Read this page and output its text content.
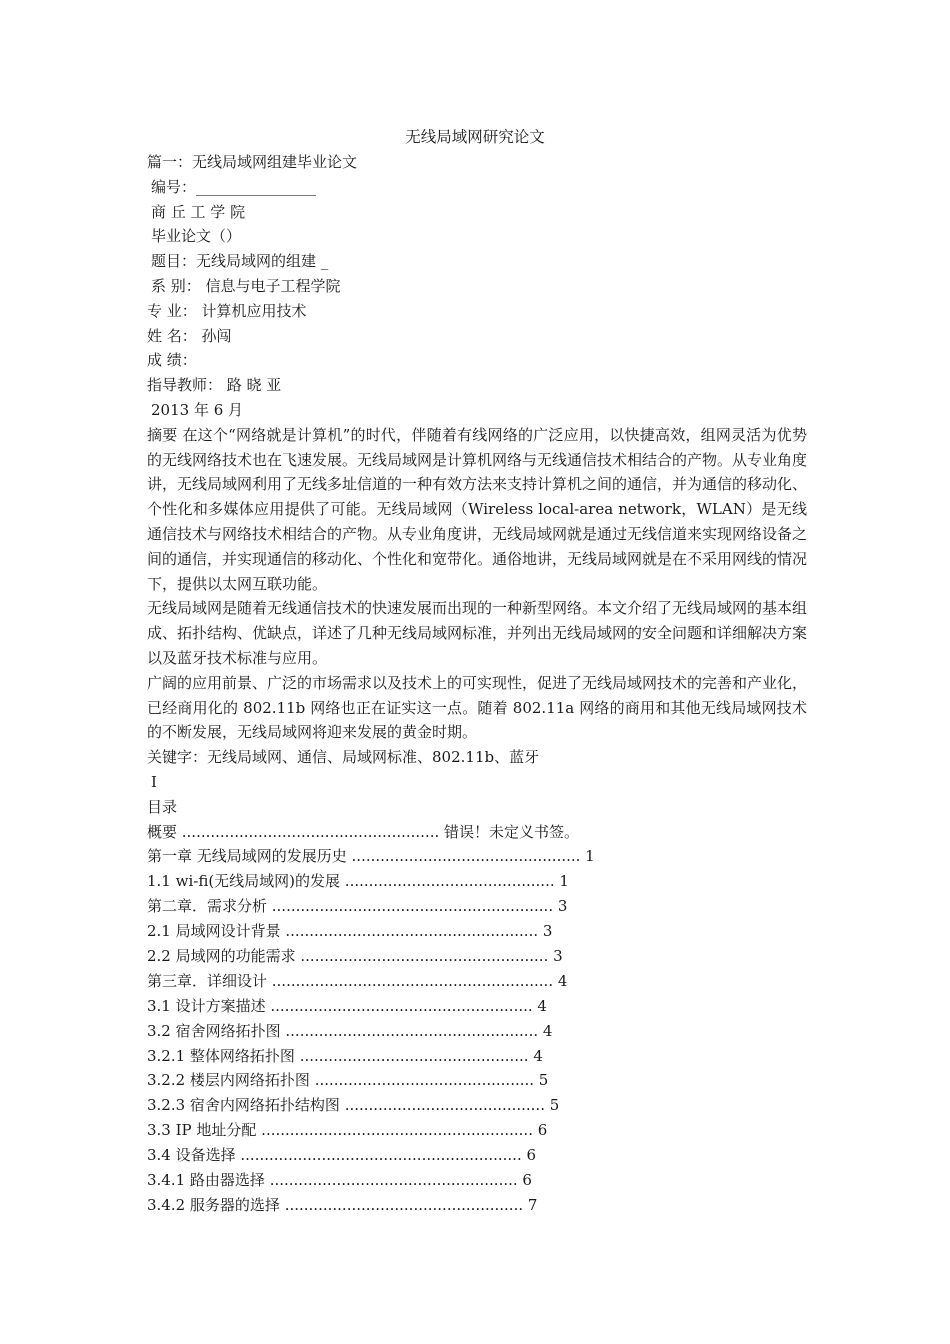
无线局域网研究论文
篇一：无线局域网组建毕业论文
编号：________________
商 丘 工 学 院
毕业论文（）
题目：无线局域网的组建 _
系 别： 信息与电子工程学院
专 业： 计算机应用技术
姓 名： 孙闯
成 绩：
指导教师： 路 晓 亚
2013 年 6 月

摘要 在这个“网络就是计算机”的时代，伴随着有线网络的广泛应用，以快捷高效，组网灵活为优势的无线网络技术也在飞速发展。无线局域网是计算机网络与无线通信技术相结合的产物。从专业角度讲，无线局域网利用了无线多址信道的一种有效方法来支持计算机之间的通信，并为通信的移动化、个性化和多媒体应用提供了可能。无线局域网（Wireless local-area network，WLAN）是无线通信技术与网络技术相结合的产物。从专业角度讲，无线局域网就是通过无线信道来实现网络设备之间的通信，并实现通信的移动化、个性化和宽带化。通俗地讲，无线局域网就是在不采用网线的情况下，提供以太网互联功能。

无线局域网是随着无线通信技术的快速发展而出现的一种新型网络。本文介绍了无线局域网的基本组成、拓扑结构、优缺点，详述了几种无线局域网标准，并列出无线局域网的安全问题和详细解决方案以及蓝牙技术标准与应用。

广阔的应用前景、广泛的市场需求以及技术上的可实现性，促进了无线局域网技术的完善和产业化，已经商用化的 802.11b 网络也正在证实这一点。随着 802.11a 网络的商用和其他无线局域网技术的不断发展，无线局域网将迎来发展的黄金时期。

关键字：无线局域网、通信、局域网标准、802.11b、蓝牙
I
目录
概要 ...................................................... 错误！未定义书签。
第一章 无线局域网的发展历史 ................................................ 1
1.1 wi-fi(无线局域网)的发展 ............................................ 1
第二章．需求分析 ........................................................... 3
2.1 局域网设计背景 ..................................................... 3
2.2 局域网的功能需求 .................................................... 3
第三章．详细设计 ........................................................... 4
3.1 设计方案描述 ....................................................... 4
3.2 宿舍网络拓扑图 ..................................................... 4
3.2.1 整体网络拓扑图 ................................................ 4
3.2.2 楼层内网络拓扑图 .............................................. 5
3.2.3 宿舍内网络拓扑结构图 .......................................... 5
3.3 IP 地址分配 ......................................................... 6
3.4 设备选择 ........................................................... 6
3.4.1 路由器选择 .................................................... 6
3.4.2 服务器的选择 .................................................. 7
